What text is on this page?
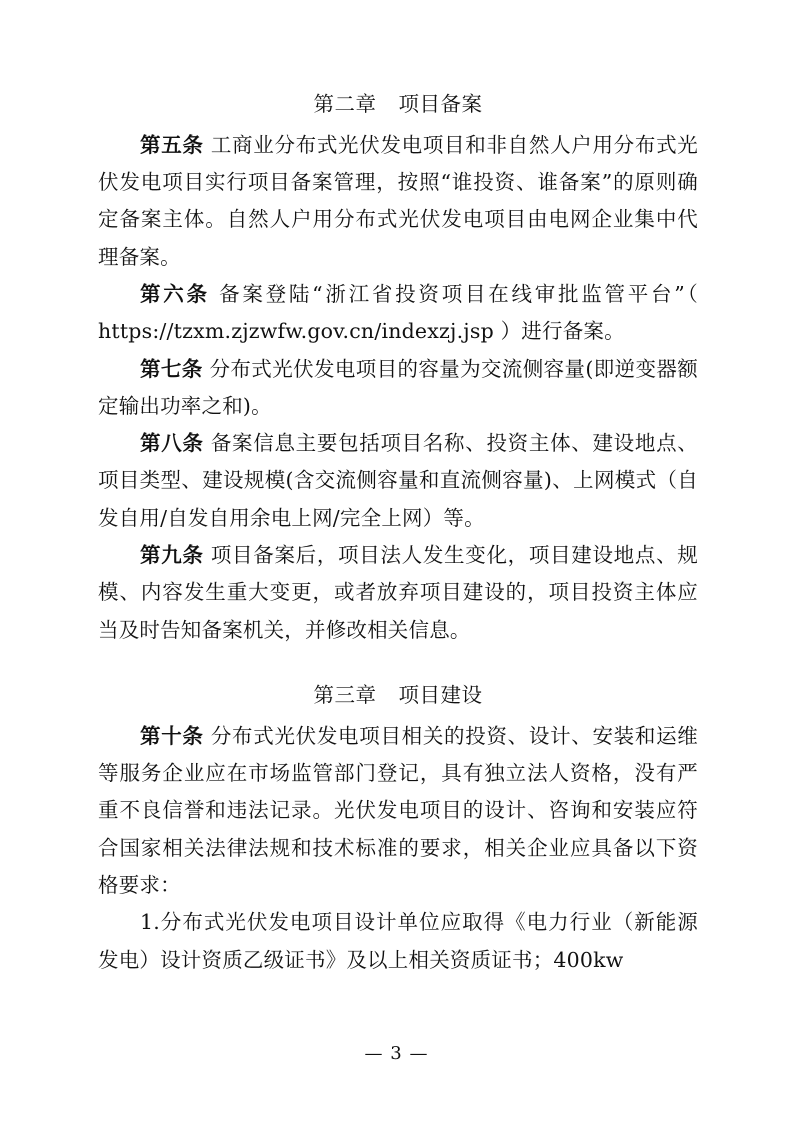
第二章 项目备案

第五条 工商业分布式光伏发电项目和非自然人户用分布式光伏发电项目实行项目备案管理，按照“谁投资、谁备案”的原则确定备案主体。自然人户用分布式光伏发电项目由电网企业集中代理备案。

第六条 备案登陆“浙江省投资项目在线审批监管平台”（ https://tzxm.zjzwfw.gov.cn/indexzj.jsp ）进行备案。

第七条 分布式光伏发电项目的容量为交流侧容量(即逆变器额定输出功率之和)。

第八条 备案信息主要包括项目名称、投资主体、建设地点、项目类型、建设规模(含交流侧容量和直流侧容量)、上网模式（自发自用/自发自用余电上网/完全上网）等。

第九条 项目备案后，项目法人发生变化，项目建设地点、规模、内容发生重大变更，或者放弃项目建设的，项目投资主体应当及时告知备案机关，并修改相关信息。

第三章 项目建设

第十条 分布式光伏发电项目相关的投资、设计、安装和运维等服务企业应在市场监管部门登记，具有独立法人资格，没有严重不良信誉和违法记录。光伏发电项目的设计、咨询和安装应符合国家相关法律法规和技术标准的要求，相关企业应具备以下资格要求：

1.分布式光伏发电项目设计单位应取得《电力行业（新能源发电）设计资质乙级证书》及以上相关资质证书；400kw

— 3 —
